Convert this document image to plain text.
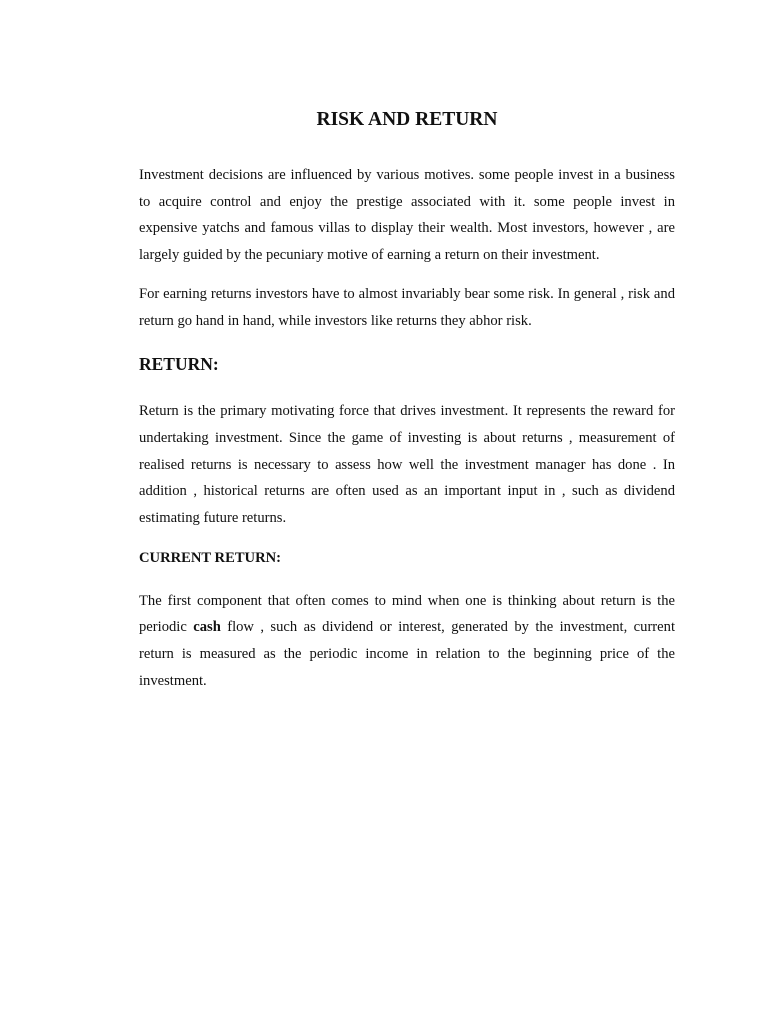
RISK AND RETURN

Investment decisions are influenced by various motives. some people invest in a business to acquire control and enjoy the prestige associated with it. some people invest in expensive yatchs and famous villas to display their wealth. Most investors, however , are largely guided by the pecuniary motive of earning a return on their investment.

For earning returns investors have to almost invariably bear some risk. In general , risk and return go hand in hand, while investors like returns they abhor risk.

RETURN:

Return is the primary motivating force that drives investment. It represents the reward for undertaking investment. Since the game of investing is about returns , measurement of realised returns is necessary to assess how well the investment manager has done . In addition , historical returns are often used as an important input in , such as dividend estimating future returns.

CURRENT RETURN:

The first component that often comes to mind when one is thinking about return is the periodic cash flow , such as dividend or interest, generated by the investment, current return is measured as the periodic income in relation to the beginning price of the investment.
